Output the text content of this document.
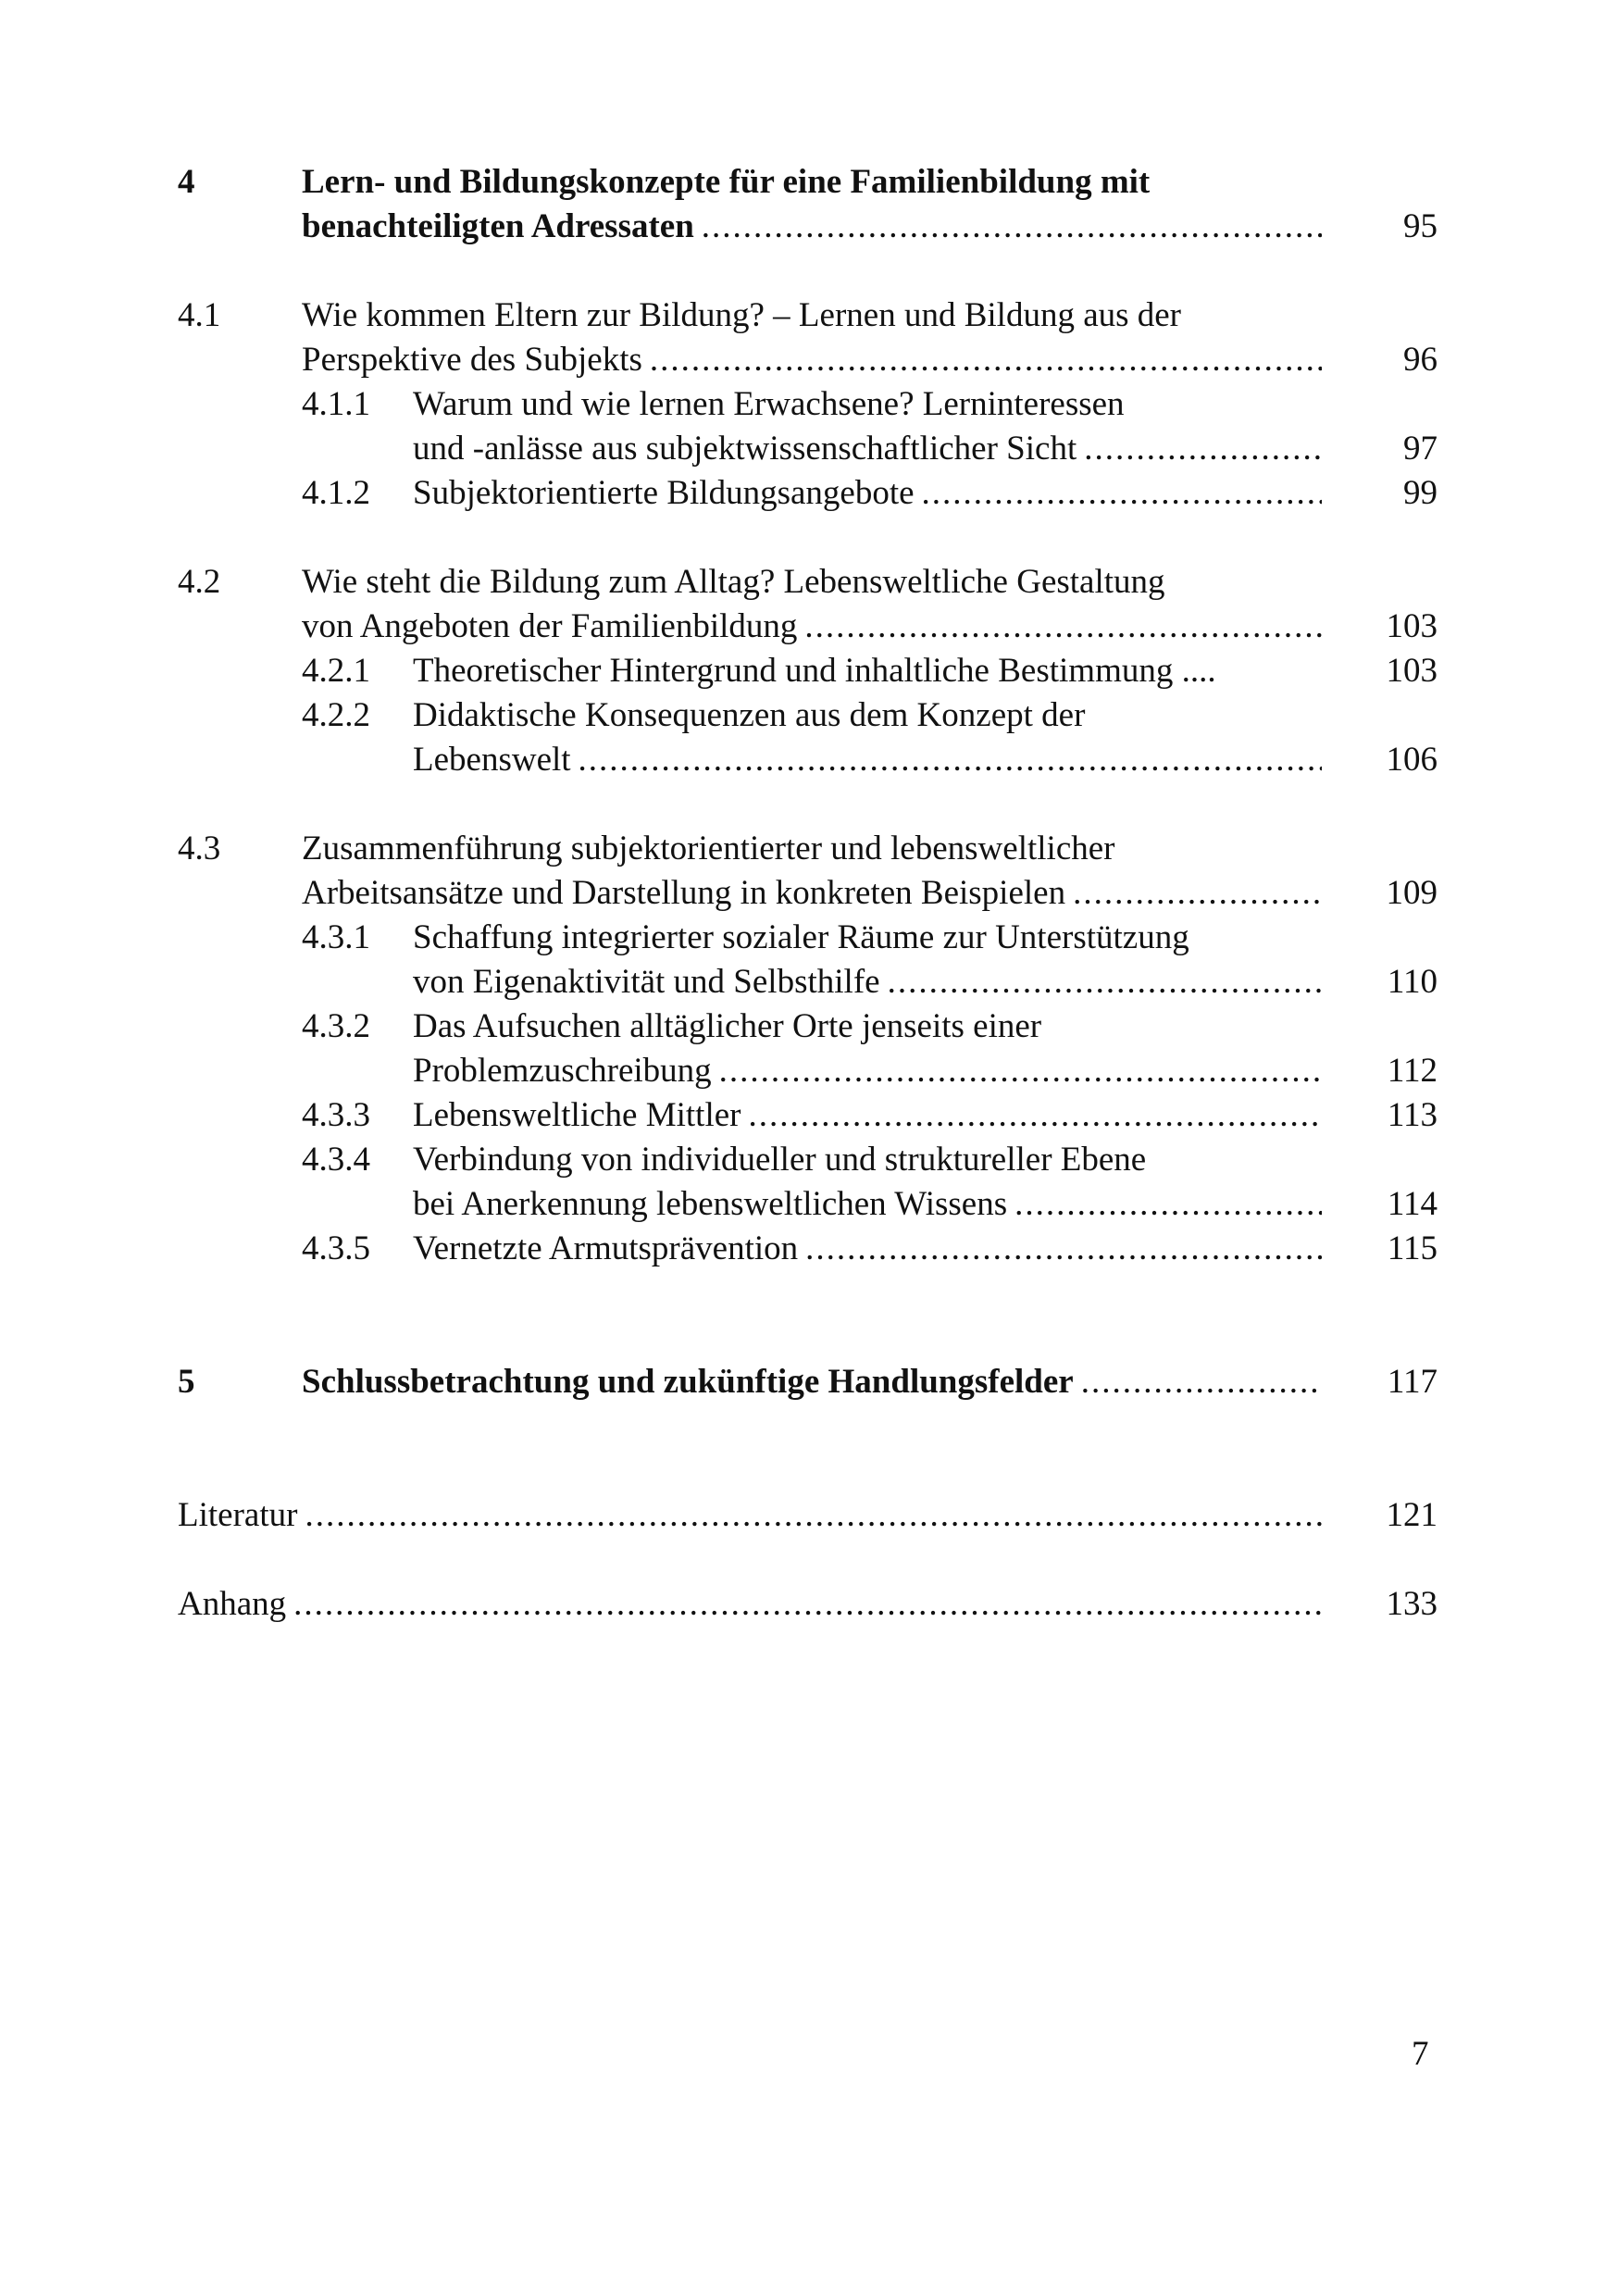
4	Lern- und Bildungskonzepte für eine Familienbildung mit
benachteiligten Adressaten .....	95
4.1 Wie kommen Eltern zur Bildung? – Lernen und Bildung aus der
Perspektive des Subjekts .....	96
4.1.1 Warum und wie lernen Erwachsene? Lerninteressen
und -anlässe aus subjektwissenschaftlicher Sicht .....	97
4.1.2 Subjektorientierte Bildungsangebote .....	99
4.2 Wie steht die Bildung zum Alltag? Lebensweltliche Gestaltung
von Angeboten der Familienbildung .....	103
4.2.1 Theoretischer Hintergrund und inhaltliche Bestimmung ....	103
4.2.2 Didaktische Konsequenzen aus dem Konzept der
Lebenswelt .....	106
4.3 Zusammenführung subjektorientierter und lebensweltlicher
Arbeitsansätze und Darstellung in konkreten Beispielen .....	109
4.3.1 Schaffung integrierter sozialer Räume zur Unterstützung
von Eigenaktivität und Selbsthilfe .....	110
4.3.2 Das Aufsuchen alltäglicher Orte jenseits einer
Problemzuschreibung .....	112
4.3.3 Lebensweltliche Mittler .....	113
4.3.4 Verbindung von individueller und struktureller Ebene
bei Anerkennung lebensweltlichen Wissens .....	114
4.3.5 Vernetzte Armutsprävention .....	115
5	Schlussbetrachtung und zukünftige Handlungsfelder .....	117
Literatur .....	121
Anhang .....	133
7
